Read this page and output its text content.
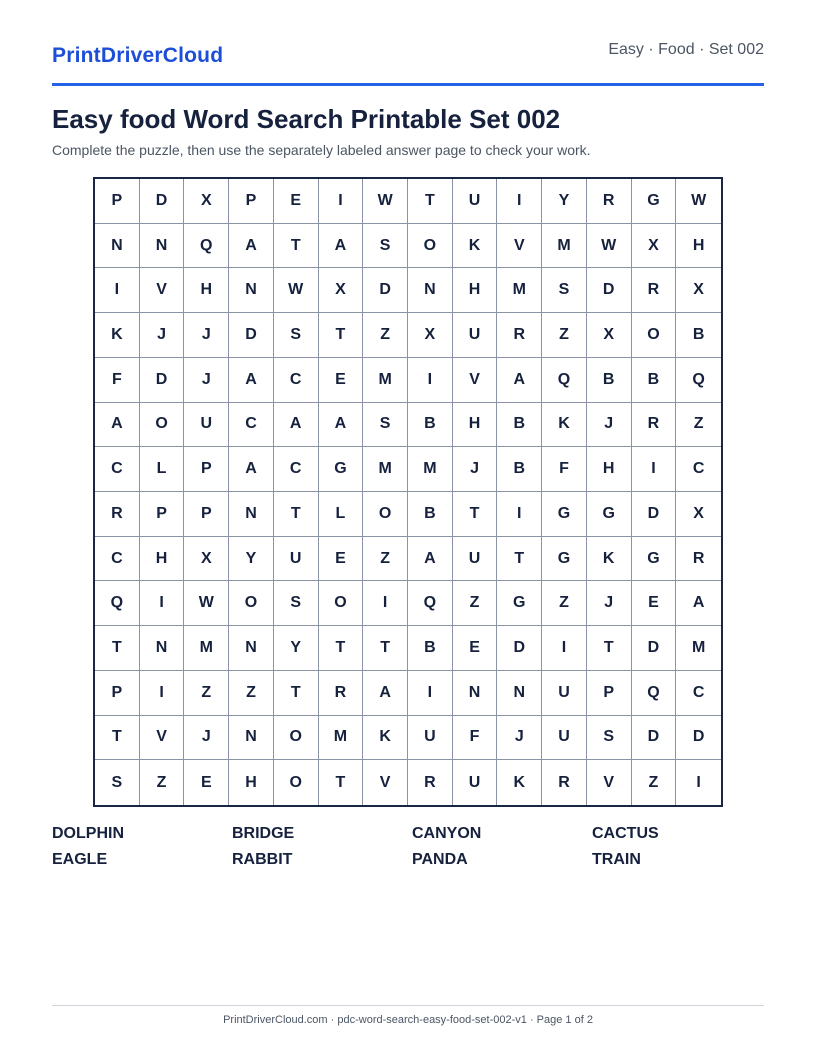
PrintDriverCloud	Easy · Food · Set 002
Easy food Word Search Printable Set 002
Complete the puzzle, then use the separately labeled answer page to check your work.
P	D	X	P	E	I	W	T	U	I	Y	R	G	W
N	N	Q	A	T	A	S	O	K	V	M	W	X	H
I	V	H	N	W	X	D	N	H	M	S	D	R	X
K	J	J	D	S	T	Z	X	U	R	Z	X	O	B
F	D	J	A	C	E	M	I	V	A	Q	B	B	Q
A	O	U	C	A	A	S	B	H	B	K	J	R	Z
C	L	P	A	C	G	M	M	J	B	F	H	I	C
R	P	P	N	T	L	O	B	T	I	G	G	D	X
C	H	X	Y	U	E	Z	A	U	T	G	K	G	R
Q	I	W	O	S	O	I	Q	Z	G	Z	J	E	A
T	N	M	N	Y	T	T	B	E	D	I	T	D	M
P	I	Z	Z	T	R	A	I	N	N	U	P	Q	C
T	V	J	N	O	M	K	U	F	J	U	S	D	D
S	Z	E	H	O	T	V	R	U	K	R	V	Z	I
DOLPHIN	BRIDGE	CANYON	CACTUS
EAGLE	RABBIT	PANDA	TRAIN
PrintDriverCloud.com · pdc-word-search-easy-food-set-002-v1 · Page 1 of 2
